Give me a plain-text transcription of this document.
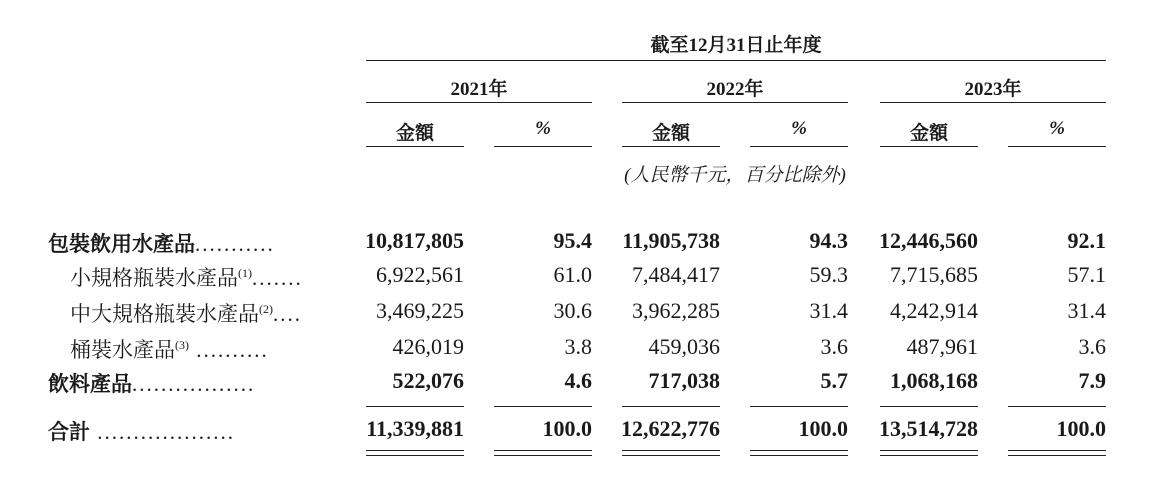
截至12月31日止年度
2021年	2022年	2023年
金額	%	金額	%	金額	%
(人民幣千元，百分比除外)
包裝飲用水產品...........	10,817,805	95.4	11,905,738	94.3	12,446,560	92.1
小規格瓶裝水產品$^{(1)}$.......	6,922,561	61.0	7,484,417	59.3	7,715,685	57.1
中大規格瓶裝水產品$^{(2)}$....	3,469,225	30.6	3,962,285	31.4	4,242,914	31.4
桶裝水產品$^{(3)}$ ..........	426,019	3.8	459,036	3.6	487,961	3.6
飲料產品.................	522,076	4.6	717,038	5.7	1,068,168	7.9
合計 ...................	11,339,881	100.0	12,622,776	100.0	13,514,728	100.0
